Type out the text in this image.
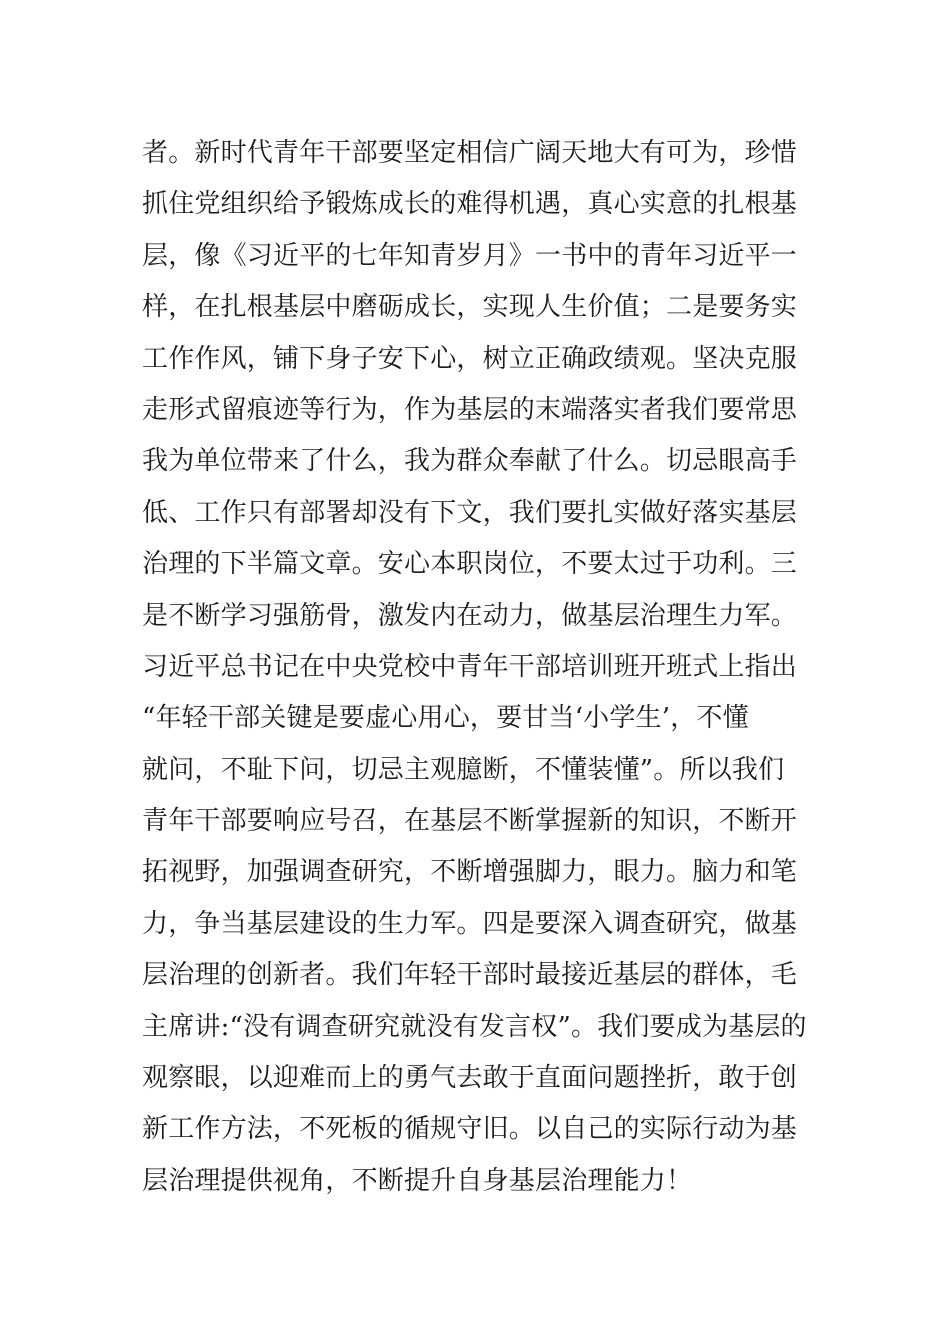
者。新时代青年干部要坚定相信广阔天地大有可为，珍惜
抓住党组织给予锻炼成长的难得机遇，真心实意的扎根基
层，像《习近平的七年知青岁月》一书中的青年习近平一
样，在扎根基层中磨砺成长，实现人生价值；二是要务实
工作作风，铺下身子安下心，树立正确政绩观。坚决克服
走形式留痕迹等行为，作为基层的末端落实者我们要常思
我为单位带来了什么，我为群众奉献了什么。切忌眼高手
低、工作只有部署却没有下文，我们要扎实做好落实基层
治理的下半篇文章。安心本职岗位，不要太过于功利。三
是不断学习强筋骨，激发内在动力，做基层治理生力军。
习近平总书记在中央党校中青年干部培训班开班式上指出
“年轻干部关键是要虚心用心，要甘当‘小学生’，不懂
就问，不耻下问，切忌主观臆断，不懂装懂”。所以我们
青年干部要响应号召，在基层不断掌握新的知识，不断开
拓视野，加强调查研究，不断增强脚力，眼力。脑力和笔
力，争当基层建设的生力军。四是要深入调查研究，做基
层治理的创新者。我们年轻干部时最接近基层的群体，毛
主席讲:“没有调查研究就没有发言权”。我们要成为基层的
观察眼，以迎难而上的勇气去敢于直面问题挫折，敢于创
新工作方法，不死板的循规守旧。以自己的实际行动为基
层治理提供视角，不断提升自身基层治理能力！
